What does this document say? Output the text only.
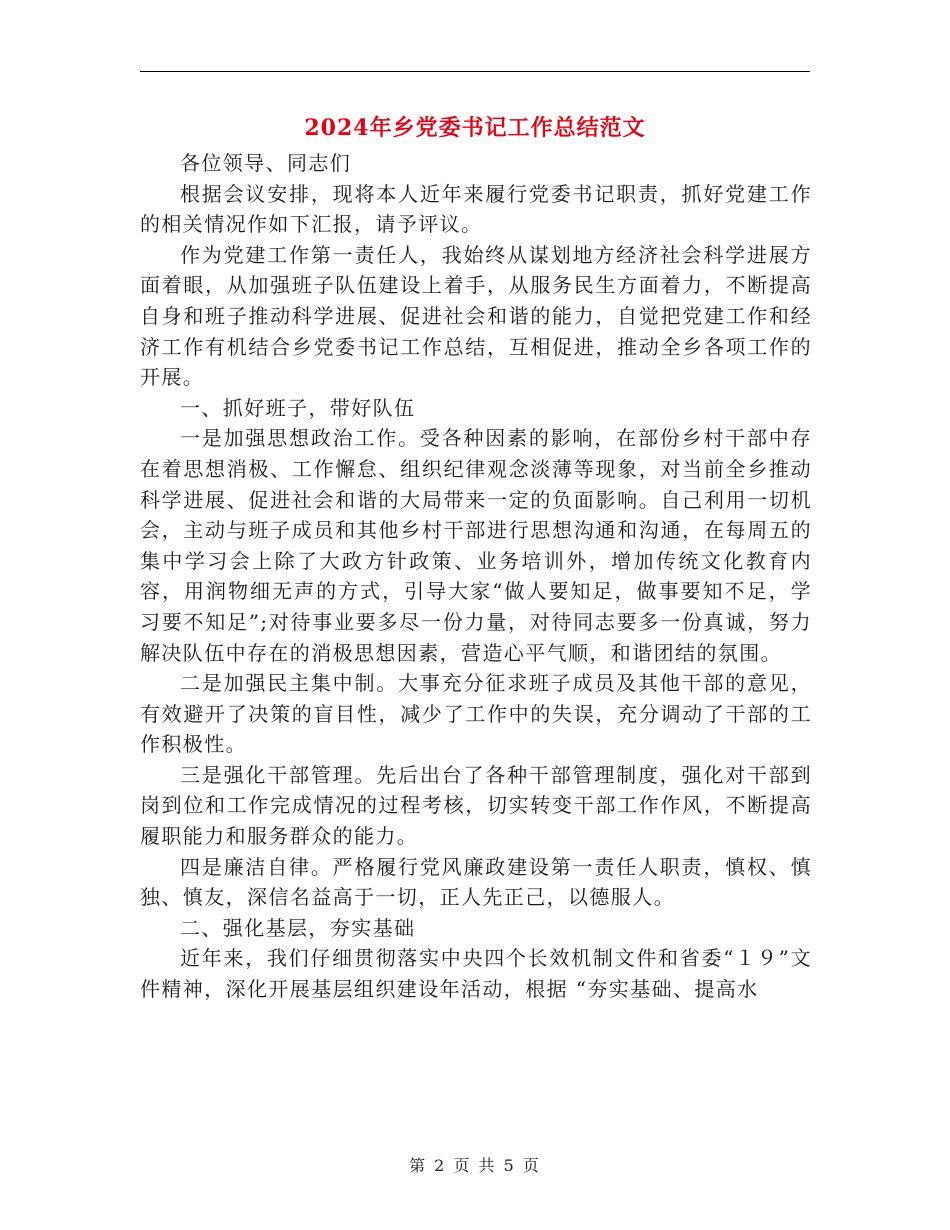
2024年乡党委书记工作总结范文

各位领导、同志们

根据会议安排，现将本人近年来履行党委书记职责，抓好党建工作的相关情况作如下汇报，请予评议。

作为党建工作第一责任人，我始终从谋划地方经济社会科学进展方面着眼，从加强班子队伍建设上着手，从服务民生方面着力，不断提高自身和班子推动科学进展、促进社会和谐的能力，自觉把党建工作和经济工作有机结合乡党委书记工作总结，互相促进，推动全乡各项工作的开展。

一、抓好班子，带好队伍

一是加强思想政治工作。受各种因素的影响，在部份乡村干部中存在着思想消极、工作懈怠、组织纪律观念淡薄等现象，对当前全乡推动科学进展、促进社会和谐的大局带来一定的负面影响。自己利用一切机会，主动与班子成员和其他乡村干部进行思想沟通和沟通，在每周五的集中学习会上除了大政方针政策、业务培训外，增加传统文化教育内容，用润物细无声的方式，引导大家“做人要知足，做事要知不足，学习要不知足”;对待事业要多尽一份力量，对待同志要多一份真诚，努力解决队伍中存在的消极思想因素，营造心平气顺，和谐团结的氛围。

二是加强民主集中制。大事充分征求班子成员及其他干部的意见，有效避开了决策的盲目性，减少了工作中的失误，充分调动了干部的工作积极性。

三是强化干部管理。先后出台了各种干部管理制度，强化对干部到岗到位和工作完成情况的过程考核，切实转变干部工作作风，不断提高履职能力和服务群众的能力。

四是廉洁自律。严格履行党风廉政建设第一责任人职责，慎权、慎独、慎友，深信名益高于一切，正人先正己，以德服人。

二、强化基层，夯实基础

近年来，我们仔细贯彻落实中央四个长效机制文件和省委“１９”文件精神，深化开展基层组织建设年活动，根据 “夯实基础、提高水

第 2 页 共 5 页
